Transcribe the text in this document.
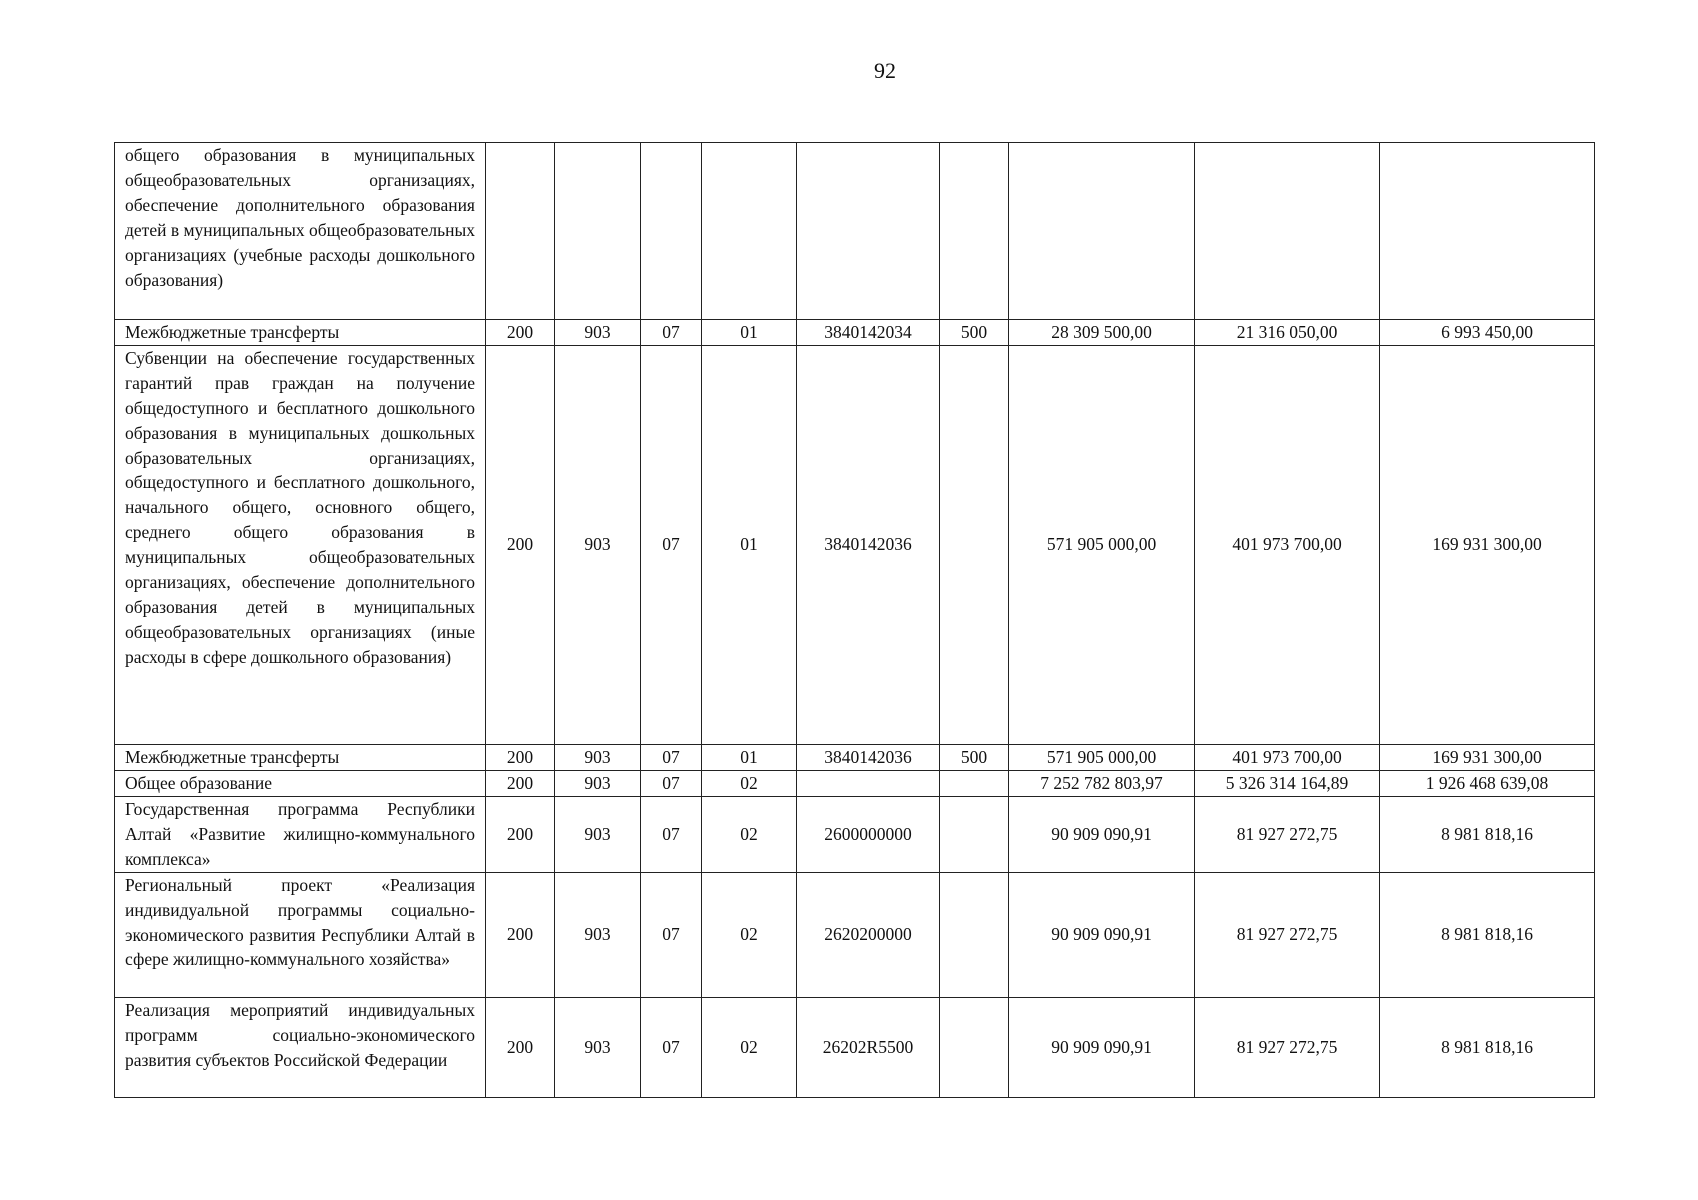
92
общего образования в муниципальных общеобразовательных организациях, обеспечение дополнительного образования детей в муниципальных общеобразовательных организациях (учебные расходы дошкольного образования)									
Межбюджетные трансферты	200	903	07	01	3840142034	500	28 309 500,00	21 316 050,00	6 993 450,00
Субвенции на обеспечение государственных гарантий прав граждан на получение общедоступного и бесплатного дошкольного образования в муниципальных дошкольных образовательных организациях, общедоступного и бесплатного дошкольного, начального общего, основного общего, среднего общего образования в муниципальных общеобразовательных организациях, обеспечение дополнительного образования детей в муниципальных общеобразовательных организациях (иные расходы в сфере дошкольного образования)	200	903	07	01	3840142036		571 905 000,00	401 973 700,00	169 931 300,00
Межбюджетные трансферты	200	903	07	01	3840142036	500	571 905 000,00	401 973 700,00	169 931 300,00
Общее образование	200	903	07	02			7 252 782 803,97	5 326 314 164,89	1 926 468 639,08
Государственная программа Республики Алтай «Развитие жилищно-коммунального комплекса»	200	903	07	02	2600000000		90 909 090,91	81 927 272,75	8 981 818,16
Региональный проект «Реализация индивидуальной программы социально-экономического развития Республики Алтай в сфере жилищно-коммунального хозяйства»	200	903	07	02	2620200000		90 909 090,91	81 927 272,75	8 981 818,16
Реализация мероприятий индивидуальных программ социально-экономического развития субъектов Российской Федерации	200	903	07	02	26202R5500		90 909 090,91	81 927 272,75	8 981 818,16
